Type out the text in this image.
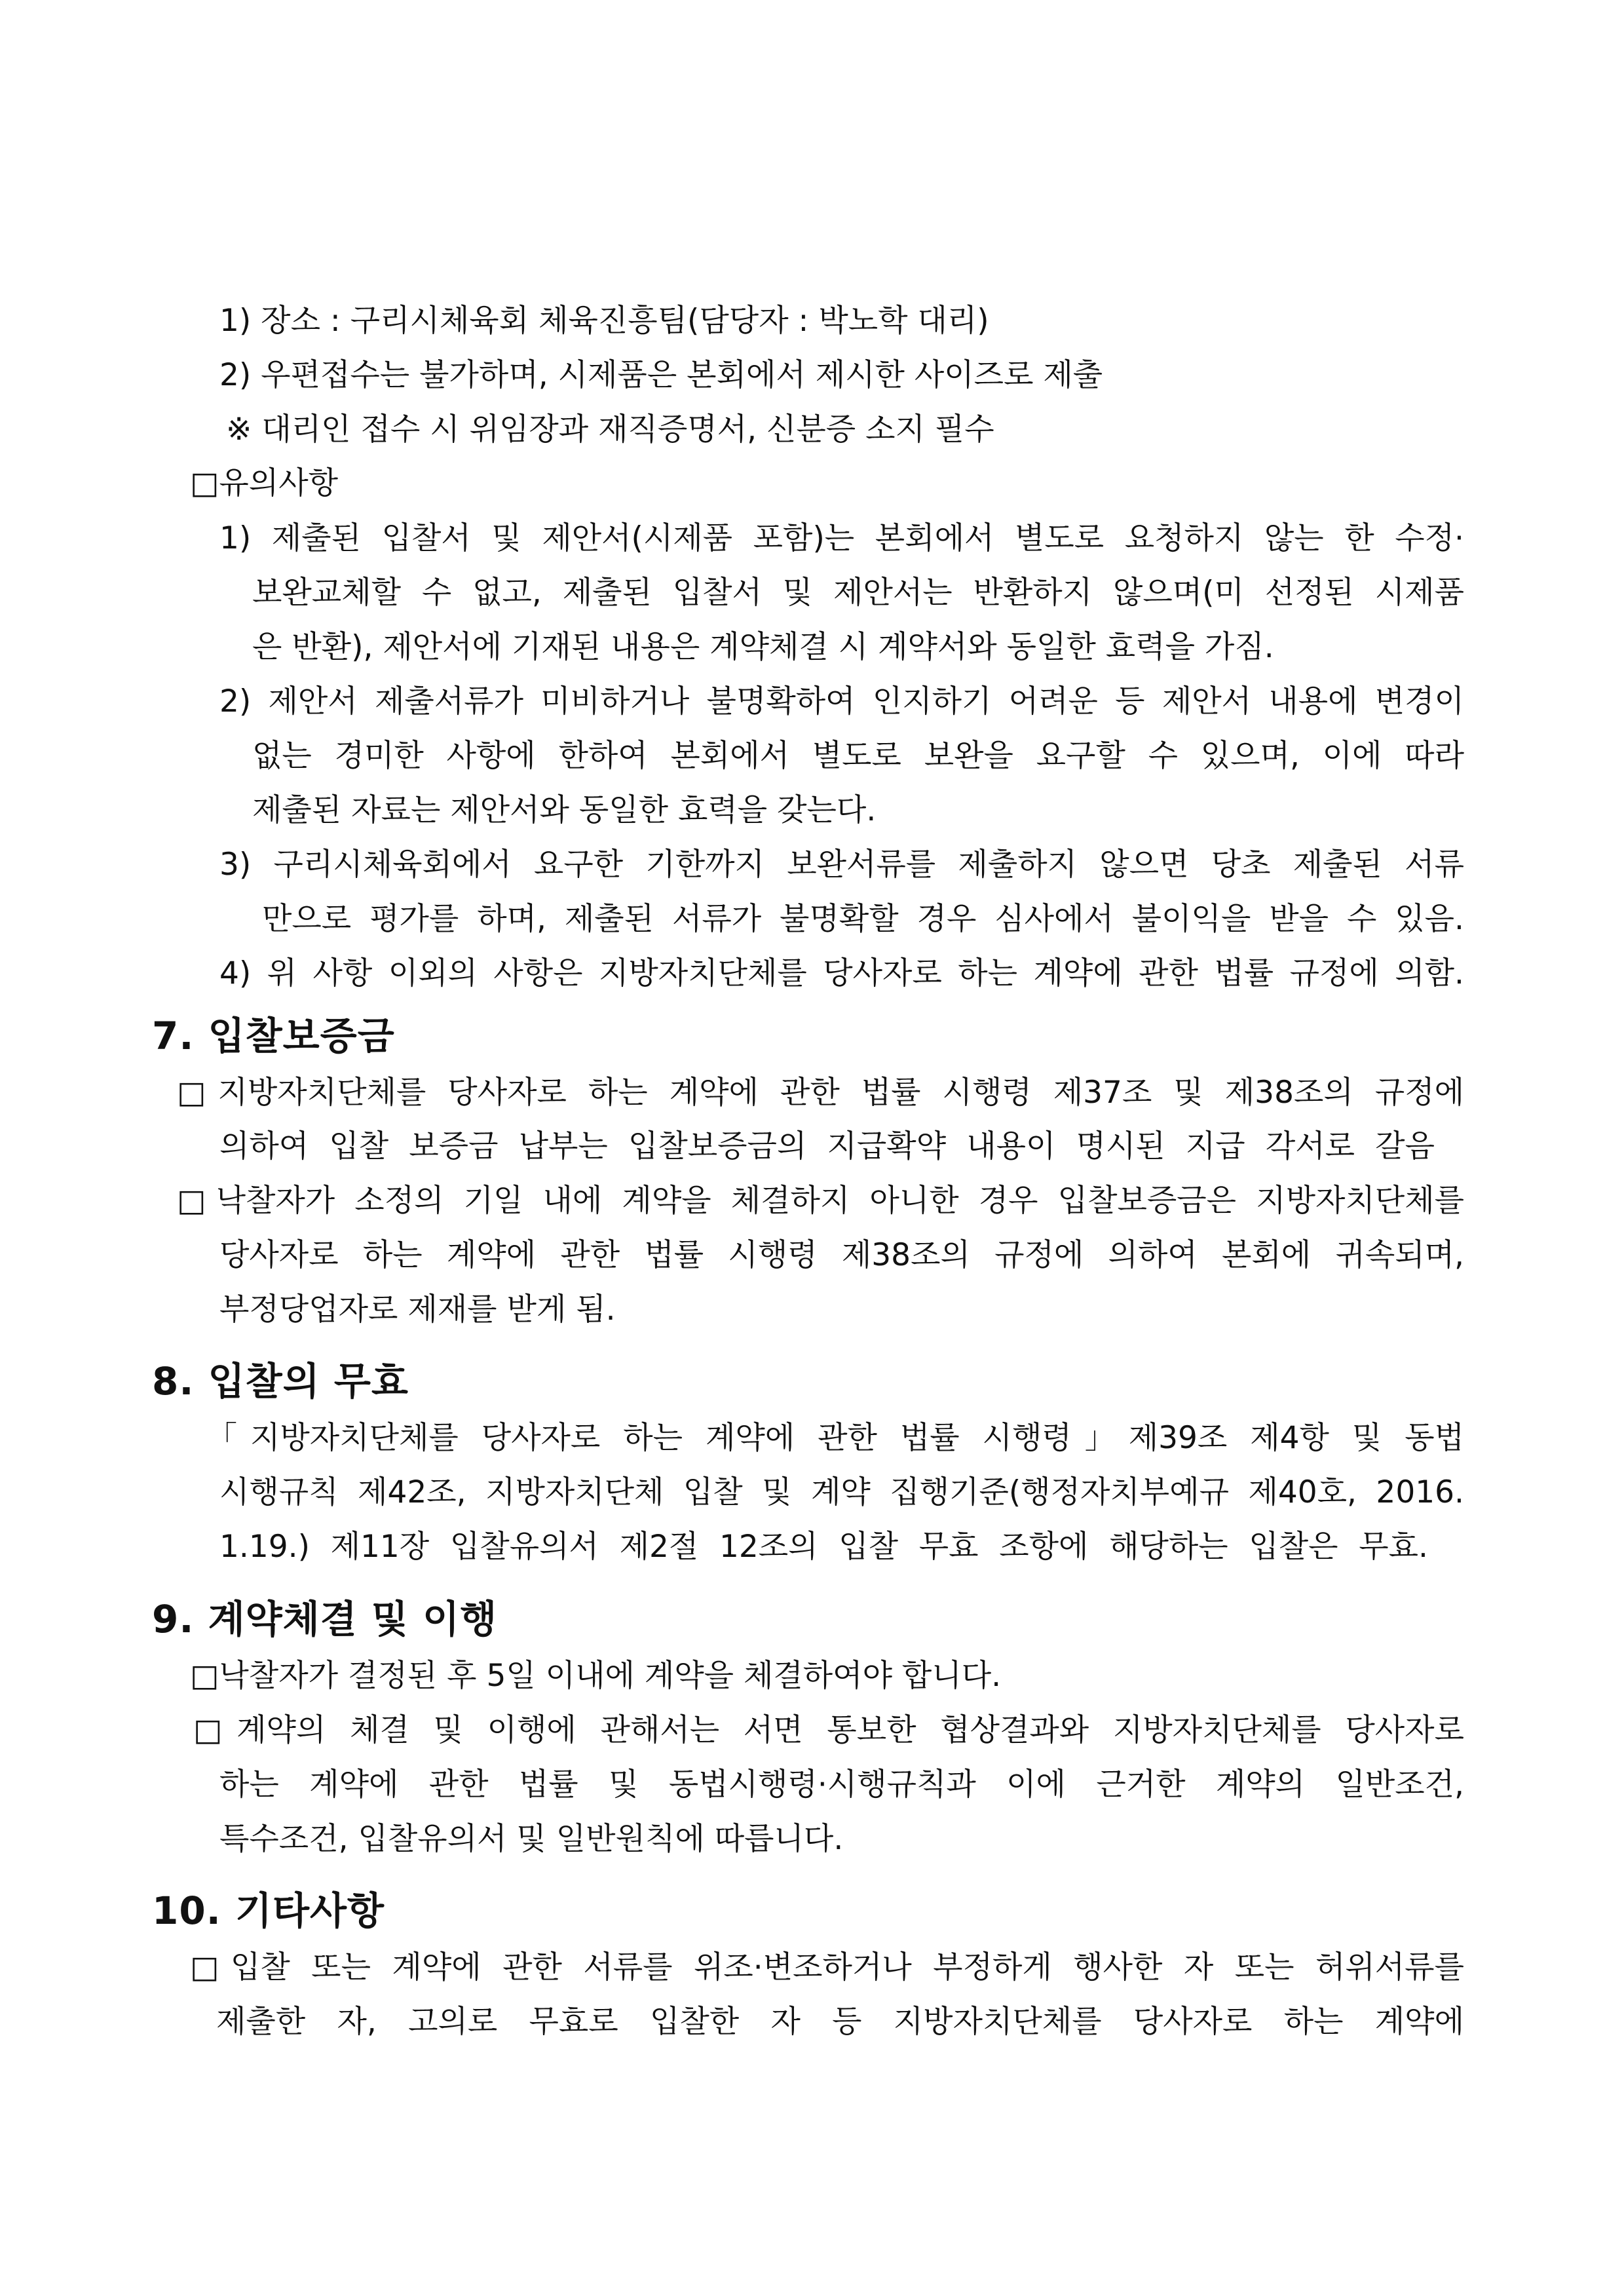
1) 장소 : 구리시체육회 체육진흥팀(담당자 : 박노학 대리)
2) 우편접수는 불가하며, 시제품은 본회에서 제시한 사이즈로 제출
※ 대리인 접수 시 위임장과 재직증명서, 신분증 소지 필수
□유의사항
1) 제출된 입찰서 및 제안서(시제품 포함)는 본회에서 별도로 요청하지 않는 한 수정·
보완교체할 수 없고, 제출된 입찰서 및 제안서는 반환하지 않으며(미 선정된 시제품
은 반환), 제안서에 기재된 내용은 계약체결 시 계약서와 동일한 효력을 가짐.
2) 제안서 제출서류가 미비하거나 불명확하여 인지하기 어려운 등 제안서 내용에 변경이
없는 경미한 사항에 한하여 본회에서 별도로 보완을 요구할 수 있으며, 이에 따라
제출된 자료는 제안서와 동일한 효력을 갖는다.
3) 구리시체육회에서 요구한 기한까지 보완서류를 제출하지 않으면 당초 제출된 서류
만으로 평가를 하며, 제출된 서류가 불명확할 경우 심사에서 불이익을 받을 수 있음.
4) 위 사항 이외의 사항은 지방자치단체를 당사자로 하는 계약에 관한 법률 규정에 의함.
7. 입찰보증금
□지방자치단체를 당사자로 하는 계약에 관한 법률 시행령 제37조 및 제38조의 규정에
의하여 입찰 보증금 납부는 입찰보증금의 지급확약 내용이 명시된 지급 각서로 갈음
□낙찰자가 소정의 기일 내에 계약을 체결하지 아니한 경우 입찰보증금은 지방자치단체를
당사자로 하는 계약에 관한 법률 시행령 제38조의 규정에 의하여 본회에 귀속되며,
부정당업자로 제재를 받게 됨.
8. 입찰의 무효
「지방자치단체를 당사자로 하는 계약에 관한 법률 시행령」제39조 제4항 및 동법
시행규칙 제42조, 지방자치단체 입찰 및 계약 집행기준(행정자치부예규 제40호, 2016.
1.19.) 제11장 입찰유의서 제2절 12조의 입찰 무효 조항에 해당하는 입찰은 무효.
9. 계약체결 및 이행
□낙찰자가 결정된 후 5일 이내에 계약을 체결하여야 합니다.
□계약의 체결 및 이행에 관해서는 서면 통보한 협상결과와 지방자치단체를 당사자로
하는 계약에 관한 법률 및 동법시행령·시행규칙과 이에 근거한 계약의 일반조건,
특수조건, 입찰유의서 및 일반원칙에 따릅니다.
10. 기타사항
□입찰 또는 계약에 관한 서류를 위조·변조하거나 부정하게 행사한 자 또는 허위서류를
제출한 자, 고의로 무효로 입찰한 자 등 지방자치단체를 당사자로 하는 계약에
